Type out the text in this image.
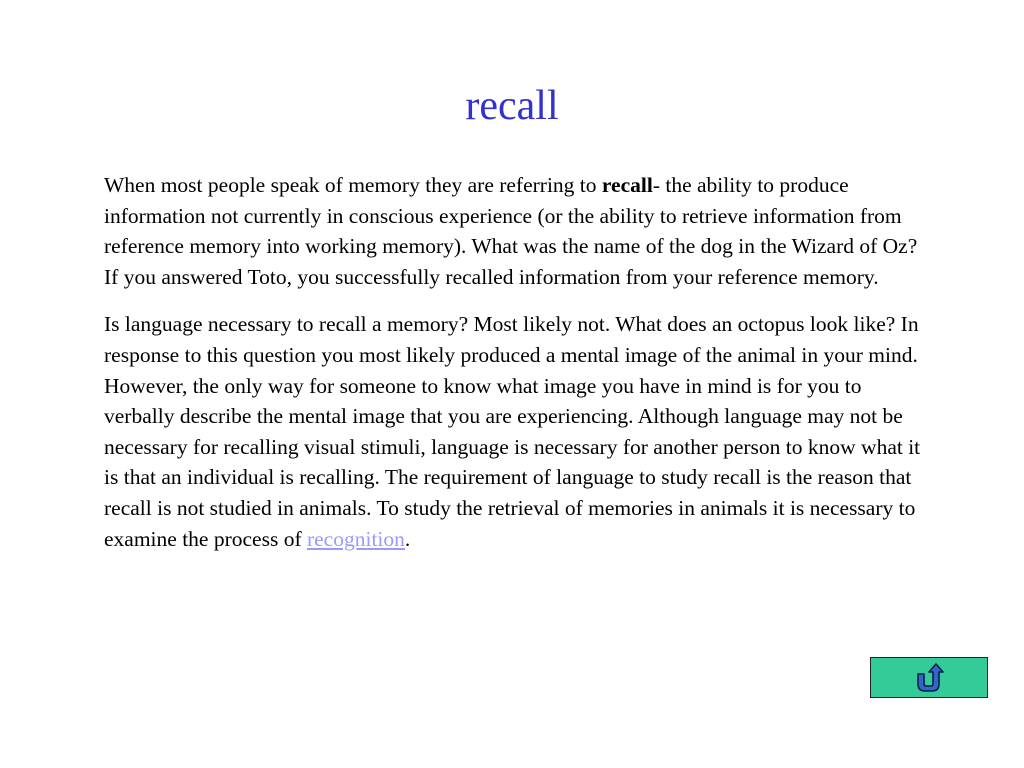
recall

When most people speak of memory they are referring to recall- the ability to produce information not currently in conscious experience (or the ability to retrieve information from reference memory into working memory). What was the name of the dog in the Wizard of Oz? If you answered Toto, you successfully recalled information from your reference memory.

Is language necessary to recall a memory? Most likely not. What does an octopus look like? In response to this question you most likely produced a mental image of the animal in your mind. However, the only way for someone to know what image you have in mind is for you to verbally describe the mental image that you are experiencing. Although language may not be necessary for recalling visual stimuli, language is necessary for another person to know what it is that an individual is recalling. The requirement of language to study recall is the reason that recall is not studied in animals. To study the retrieval of memories in animals it is necessary to examine the process of recognition.
